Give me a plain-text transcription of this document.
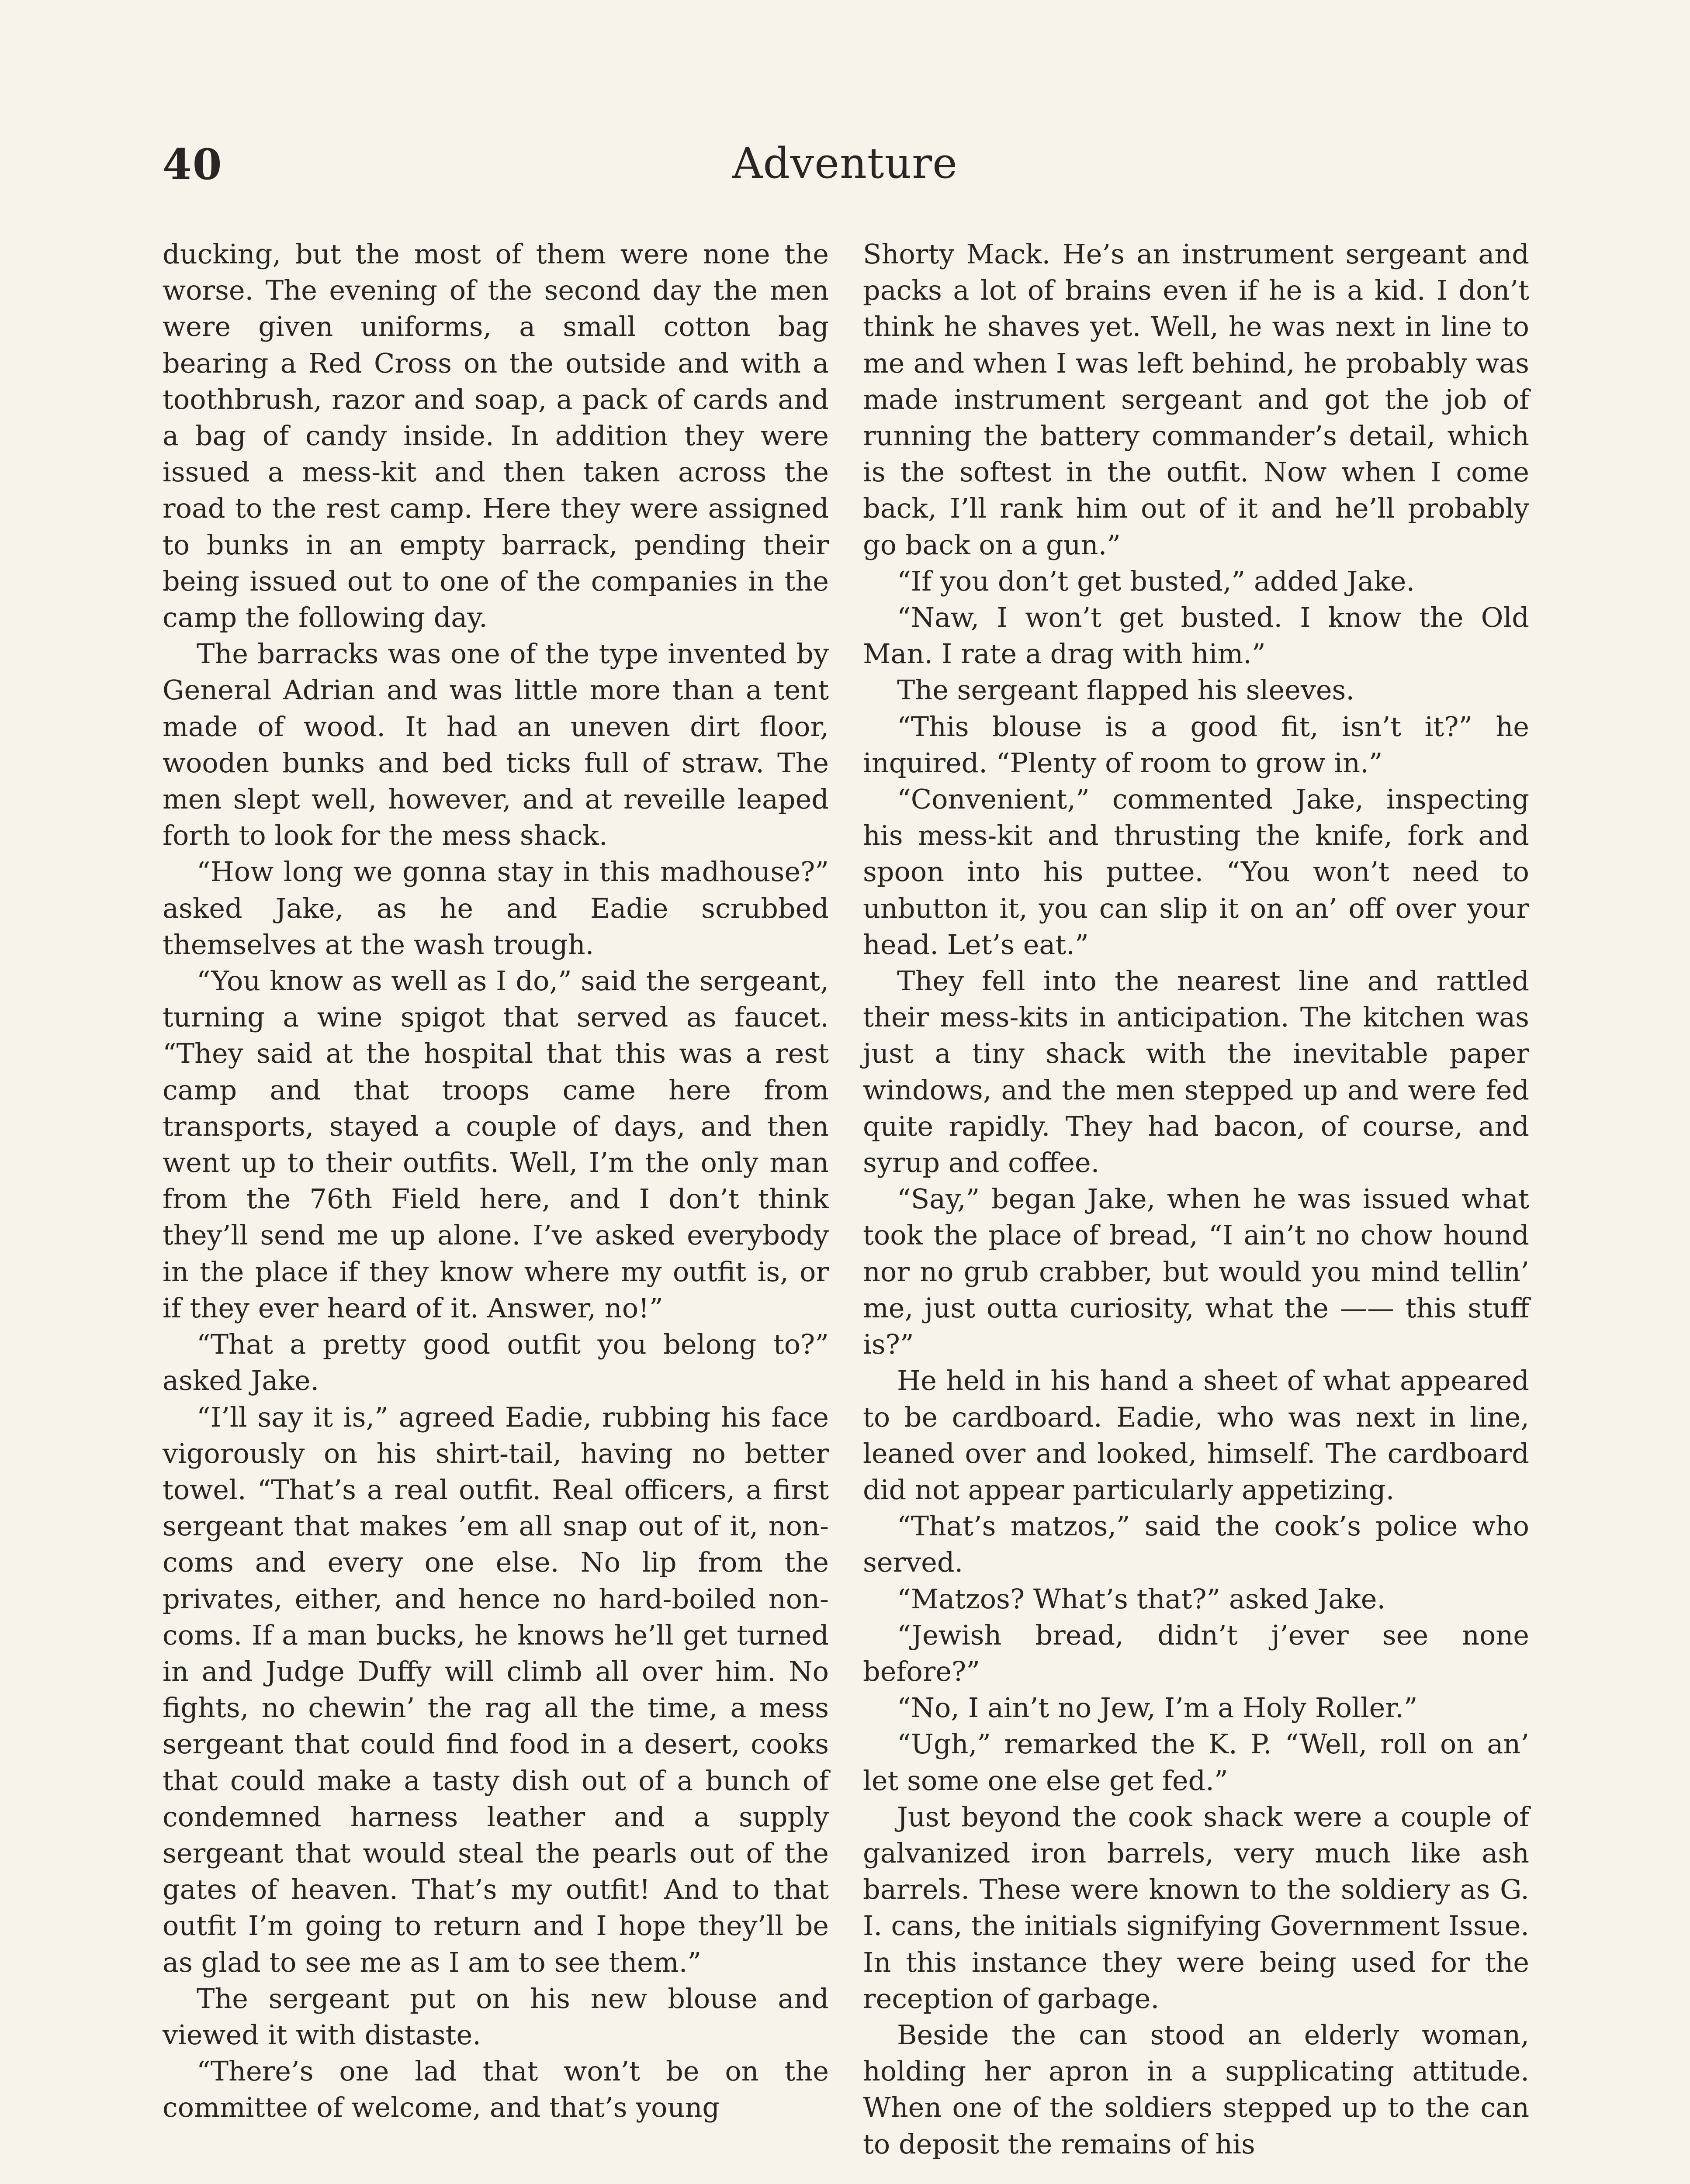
40	Adventure

ducking, but the most of them were none the worse. The evening of the second day the men were given uniforms, a small cotton bag bearing a Red Cross on the outside and with a toothbrush, razor and soap, a pack of cards and a bag of candy inside. In addition they were issued a mess-kit and then taken across the road to the rest camp. Here they were assigned to bunks in an empty barrack, pending their being issued out to one of the companies in the camp the following day.

The barracks was one of the type invented by General Adrian and was little more than a tent made of wood. It had an uneven dirt floor, wooden bunks and bed ticks full of straw. The men slept well, however, and at reveille leaped forth to look for the mess shack.

“How long we gonna stay in this madhouse?” asked Jake, as he and Eadie scrubbed themselves at the wash trough.

“You know as well as I do,” said the sergeant, turning a wine spigot that served as faucet. “They said at the hospital that this was a rest camp and that troops came here from transports, stayed a couple of days, and then went up to their outfits. Well, I’m the only man from the 76th Field here, and I don’t think they’ll send me up alone. I’ve asked everybody in the place if they know where my outfit is, or if they ever heard of it. Answer, no!”

“That a pretty good outfit you belong to?” asked Jake.

“I’ll say it is,” agreed Eadie, rubbing his face vigorously on his shirt-tail, having no better towel. “That’s a real outfit. Real officers, a first sergeant that makes ’em all snap out of it, non-coms and every one else. No lip from the privates, either, and hence no hard-boiled non-coms. If a man bucks, he knows he’ll get turned in and Judge Duffy will climb all over him. No fights, no chewin’ the rag all the time, a mess sergeant that could find food in a desert, cooks that could make a tasty dish out of a bunch of condemned harness leather and a supply sergeant that would steal the pearls out of the gates of heaven. That’s my outfit! And to that outfit I’m going to return and I hope they’ll be as glad to see me as I am to see them.”

The sergeant put on his new blouse and viewed it with distaste.

“There’s one lad that won’t be on the committee of welcome, and that’s young

Shorty Mack. He’s an instrument sergeant and packs a lot of brains even if he is a kid. I don’t think he shaves yet. Well, he was next in line to me and when I was left behind, he probably was made instrument sergeant and got the job of running the battery commander’s detail, which is the softest in the outfit. Now when I come back, I’ll rank him out of it and he’ll probably go back on a gun.”

“If you don’t get busted,” added Jake.

“Naw, I won’t get busted. I know the Old Man. I rate a drag with him.”

The sergeant flapped his sleeves.

“This blouse is a good fit, isn’t it?” he inquired. “Plenty of room to grow in.”

“Convenient,” commented Jake, inspecting his mess-kit and thrusting the knife, fork and spoon into his puttee. “You won’t need to unbutton it, you can slip it on an’ off over your head. Let’s eat.”

They fell into the nearest line and rattled their mess-kits in anticipation. The kitchen was just a tiny shack with the inevitable paper windows, and the men stepped up and were fed quite rapidly. They had bacon, of course, and syrup and coffee.

“Say,” began Jake, when he was issued what took the place of bread, “I ain’t no chow hound nor no grub crabber, but would you mind tellin’ me, just outta curiosity, what the —— this stuff is?”

He held in his hand a sheet of what appeared to be cardboard. Eadie, who was next in line, leaned over and looked, himself. The cardboard did not appear particularly appetizing.

“That’s matzos,” said the cook’s police who served.

“Matzos? What’s that?” asked Jake.

“Jewish bread, didn’t j’ever see none before?”

“No, I ain’t no Jew, I’m a Holy Roller.”

“Ugh,” remarked the K. P. “Well, roll on an’ let some one else get fed.”

Just beyond the cook shack were a couple of galvanized iron barrels, very much like ash barrels. These were known to the soldiery as G. I. cans, the initials signifying Government Issue. In this instance they were being used for the reception of garbage.

Beside the can stood an elderly woman, holding her apron in a supplicating attitude. When one of the soldiers stepped up to the can to deposit the remains of his
